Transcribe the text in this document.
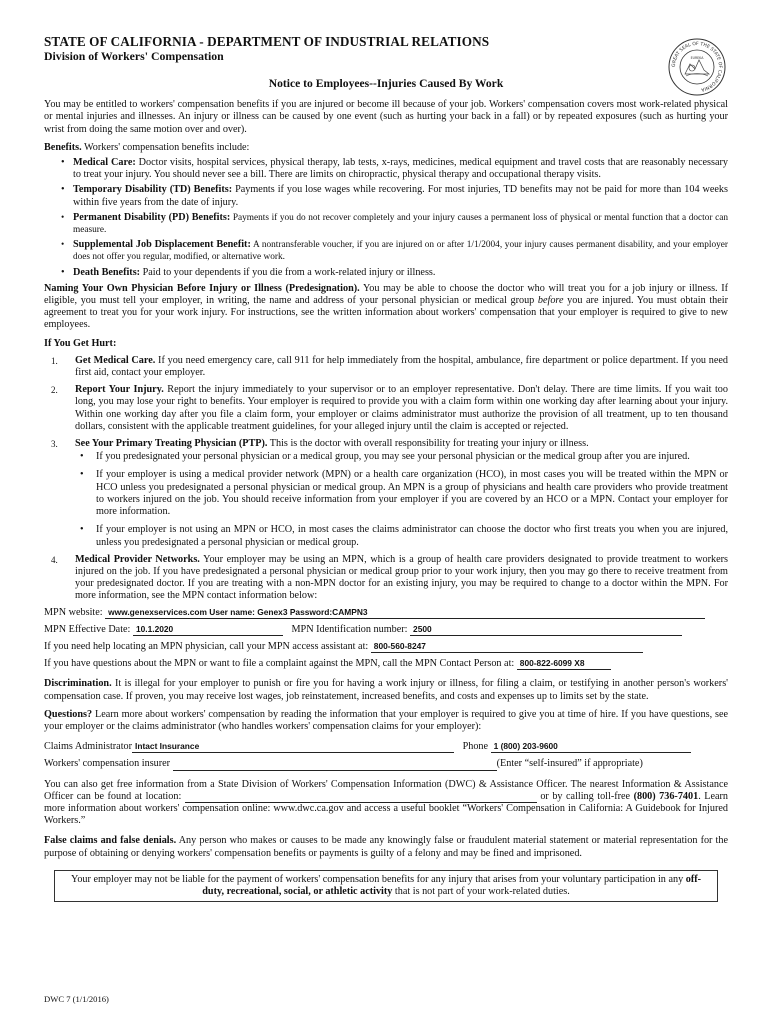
GREAT SEAL OF THE STATE OF CALIFORNIA
EUREKA
STATE OF CALIFORNIA - DEPARTMENT OF INDUSTRIAL RELATIONS
Division of Workers' Compensation
Notice to Employees--Injuries Caused By Work

You may be entitled to workers' compensation benefits if you are injured or become ill because of your job. Workers' compensation covers most work-related physical or mental injuries and illnesses. An injury or illness can be caused by one event (such as hurting your back in a fall) or by repeated exposures (such as hurting your wrist from doing the same motion over and over).

Benefits. Workers' compensation benefits include:

• Medical Care: Doctor visits, hospital services, physical therapy, lab tests, x-rays, medicines, medical equipment and travel costs that are reasonably necessary to treat your injury. You should never see a bill. There are limits on chiropractic, physical therapy and occupational therapy visits.
• Temporary Disability (TD) Benefits: Payments if you lose wages while recovering. For most injuries, TD benefits may not be paid for more than 104 weeks within five years from the date of injury.
• Permanent Disability (PD) Benefits: Payments if you do not recover completely and your injury causes a permanent loss of physical or mental function that a doctor can measure.
• Supplemental Job Displacement Benefit: A nontransferable voucher, if you are injured on or after 1/1/2004, your injury causes permanent disability, and your employer does not offer you regular, modified, or alternative work.
• Death Benefits: Paid to your dependents if you die from a work-related injury or illness.

Naming Your Own Physician Before Injury or Illness (Predesignation). You may be able to choose the doctor who will treat you for a job injury or illness. If eligible, you must tell your employer, in writing, the name and address of your personal physician or medical group before you are injured. You must obtain their agreement to treat you for your work injury. For instructions, see the written information about workers' compensation that your employer is required to give to new employees.

If You Get Hurt:

1. Get Medical Care. If you need emergency care, call 911 for help immediately from the hospital, ambulance, fire department or police department. If you need first aid, contact your employer.
2. Report Your Injury. Report the injury immediately to your supervisor or to an employer representative. Don't delay. There are time limits. If you wait too long, you may lose your right to benefits. Your employer is required to provide you with a claim form within one working day after learning about your injury. Within one working day after you file a claim form, your employer or claims administrator must authorize the provision of all treatment, up to ten thousand dollars, consistent with the applicable treatment guidelines, for your alleged injury until the claim is accepted or rejected.
3. See Your Primary Treating Physician (PTP). This is the doctor with overall responsibility for treating your injury or illness.
• If you predesignated your personal physician or a medical group, you may see your personal physician or the medical group after you are injured.
• If your employer is using a medical provider network (MPN) or a health care organization (HCO), in most cases you will be treated within the MPN or HCO unless you predesignated a personal physician or medical group. An MPN is a group of physicians and health care providers who provide treatment to workers injured on the job. You should receive information from your employer if you are covered by an HCO or a MPN. Contact your employer for more information.
• If your employer is not using an MPN or HCO, in most cases the claims administrator can choose the doctor who first treats you when you are injured, unless you predesignated a personal physician or medical group.
4. Medical Provider Networks. Your employer may be using an MPN, which is a group of health care providers designated to provide treatment to workers injured on the job. If you have predesignated a personal physician or medical group prior to your work injury, then you may go there to receive treatment from your predesignated doctor. If you are treating with a non-MPN doctor for an existing injury, you may be required to change to a doctor within the MPN. For more information, see the MPN contact information below:
MPN website: www.genexservices.com User name: Genex3 Password:CAMPN3
MPN Effective Date: 10.1.2020	MPN Identification number: 2500
If you need help locating an MPN physician, call your MPN access assistant at: 800-560-8247
If you have questions about the MPN or want to file a complaint against the MPN, call the MPN Contact Person at: 800-822-6099 X8

Discrimination. It is illegal for your employer to punish or fire you for having a work injury or illness, for filing a claim, or testifying in another person's workers' compensation case. If proven, you may receive lost wages, job reinstatement, increased benefits, and costs and expenses up to limits set by the state.

Questions? Learn more about workers' compensation by reading the information that your employer is required to give you at time of hire. If you have questions, see your employer or the claims administrator (who handles workers' compensation claims for your employer):

Claims Administrator Intact Insurance	Phone 1 (800) 203-9600
Workers' compensation insurer	(Enter “self-insured” if appropriate)

You can also get free information from a State Division of Workers' Compensation Information (DWC) & Assistance Officer. The nearest Information & Assistance Officer can be found at location:	or by calling toll-free (800) 736-7401. Learn more information about workers' compensation online: www.dwc.ca.gov and access a useful booklet “Workers' Compensation in California: A Guidebook for Injured Workers.”

False claims and false denials. Any person who makes or causes to be made any knowingly false or fraudulent material statement or material representation for the purpose of obtaining or denying workers' compensation benefits or payments is guilty of a felony and may be fined and imprisoned.

Your employer may not be liable for the payment of workers' compensation benefits for any injury that arises from your voluntary participation in any off-duty, recreational, social, or athletic activity that is not part of your work-related duties.
DWC 7 (1/1/2016)
